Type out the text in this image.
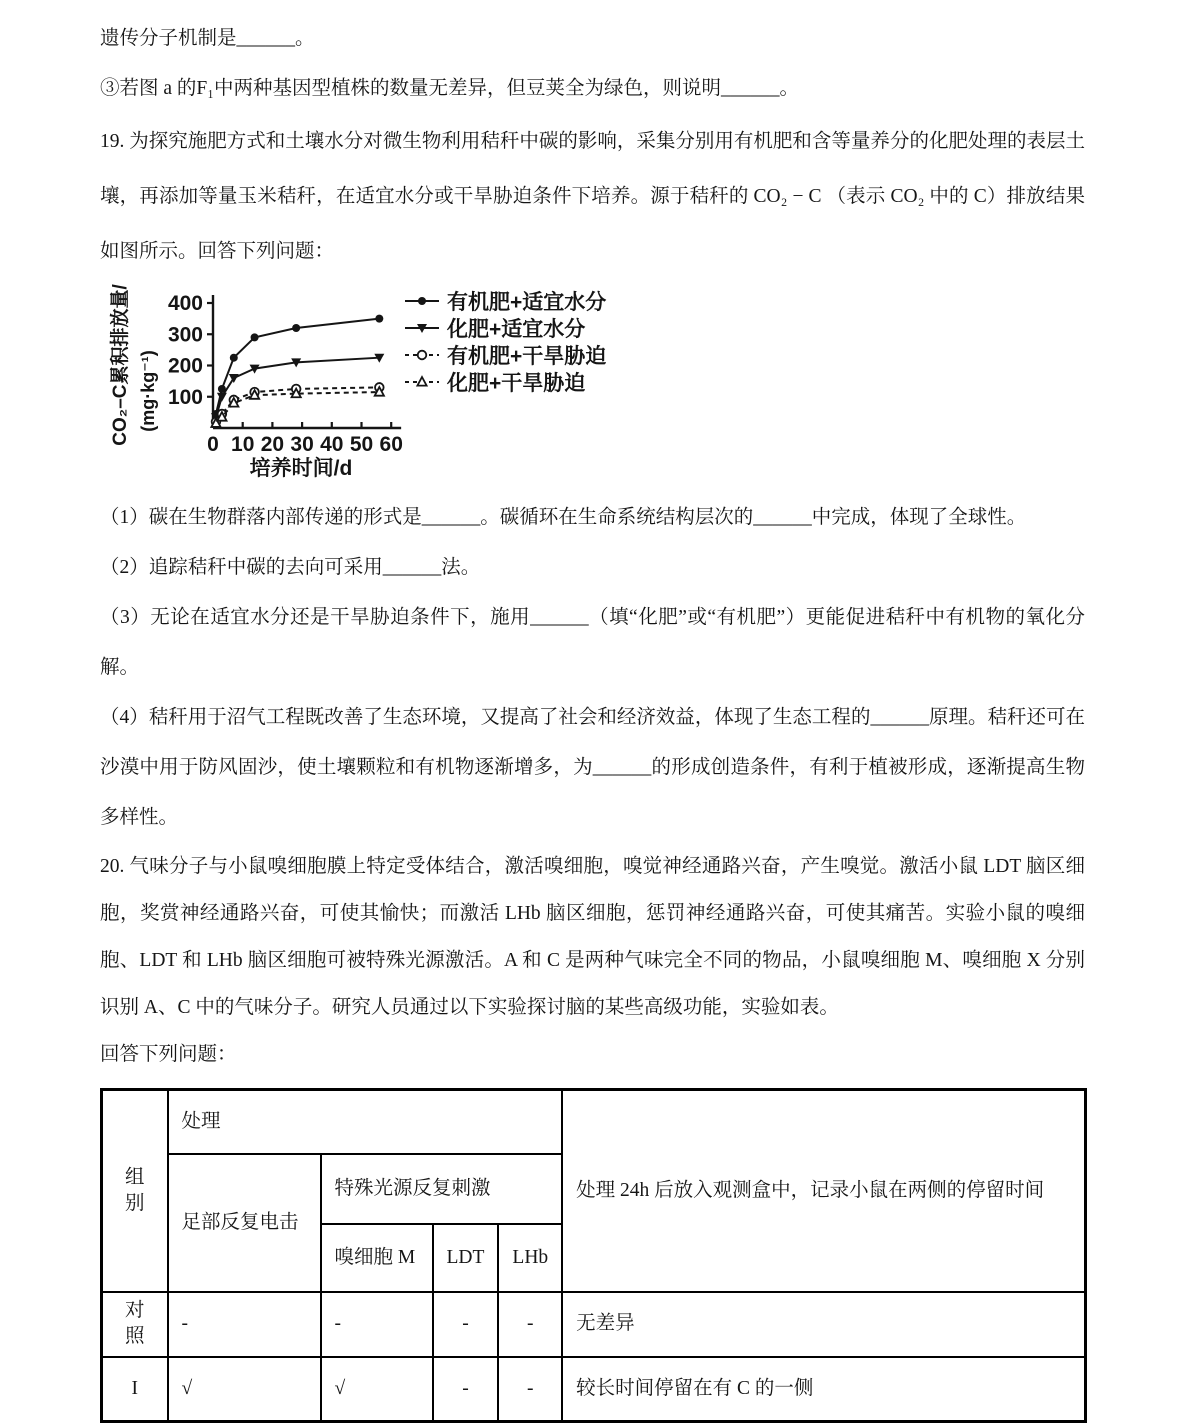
遗传分子机制是______。

③若图 a 的F₁中两种基因型植株的数量无差异，但豆荚全为绿色，则说明______。

19. 为探究施肥方式和土壤水分对微生物利用秸秆中碳的影响，采集分别用有机肥和含等量养分的化肥处理的表层土壤，再添加等量玉米秸秆，在适宜水分或干旱胁迫条件下培养。源于秸秆的 CO₂ − C （表示 CO₂ 中的 C）排放结果如图所示。回答下列问题：

100
200
300
400
0 10 20 30 40 50 60
CO₂–C累积排放量/ (mg·kg⁻¹)
培养时间/d
有机肥+适宜水分
化肥+适宜水分
有机肥+干旱胁迫
化肥+干旱胁迫

（1）碳在生物群落内部传递的形式是______。碳循环在生命系统结构层次的______中完成，体现了全球性。

（2）追踪秸秆中碳的去向可采用______法。

（3）无论在适宜水分还是干旱胁迫条件下，施用______（填“化肥”或“有机肥”）更能促进秸秆中有机物的氧化分解。

（4）秸秆用于沼气工程既改善了生态环境，又提高了社会和经济效益，体现了生态工程的______原理。秸秆还可在沙漠中用于防风固沙，使土壤颗粒和有机物逐渐增多，为______的形成创造条件，有利于植被形成，逐渐提高生物多样性。

20. 气味分子与小鼠嗅细胞膜上特定受体结合，激活嗅细胞，嗅觉神经通路兴奋，产生嗅觉。激活小鼠 LDT 脑区细胞，奖赏神经通路兴奋，可使其愉快；而激活 LHb 脑区细胞，惩罚神经通路兴奋，可使其痛苦。实验小鼠的嗅细胞、LDT 和 LHb 脑区细胞可被特殊光源激活。A 和 C 是两种气味完全不同的物品，小鼠嗅细胞 M、嗅细胞 X 分别识别 A、C 中的气味分子。研究人员通过以下实验探讨脑的某些高级功能，实验如表。

回答下列问题：

组别	处理				处理 24h 后放入观测盒中，记录小鼠在两侧的停留时间
	足部反复电击	特殊光源反复刺激			
		嗅细胞 M	LDT	LHb	
对照	-	-	-	-	无差异
I	√	√	-	-	较长时间停留在有 C 的一侧
